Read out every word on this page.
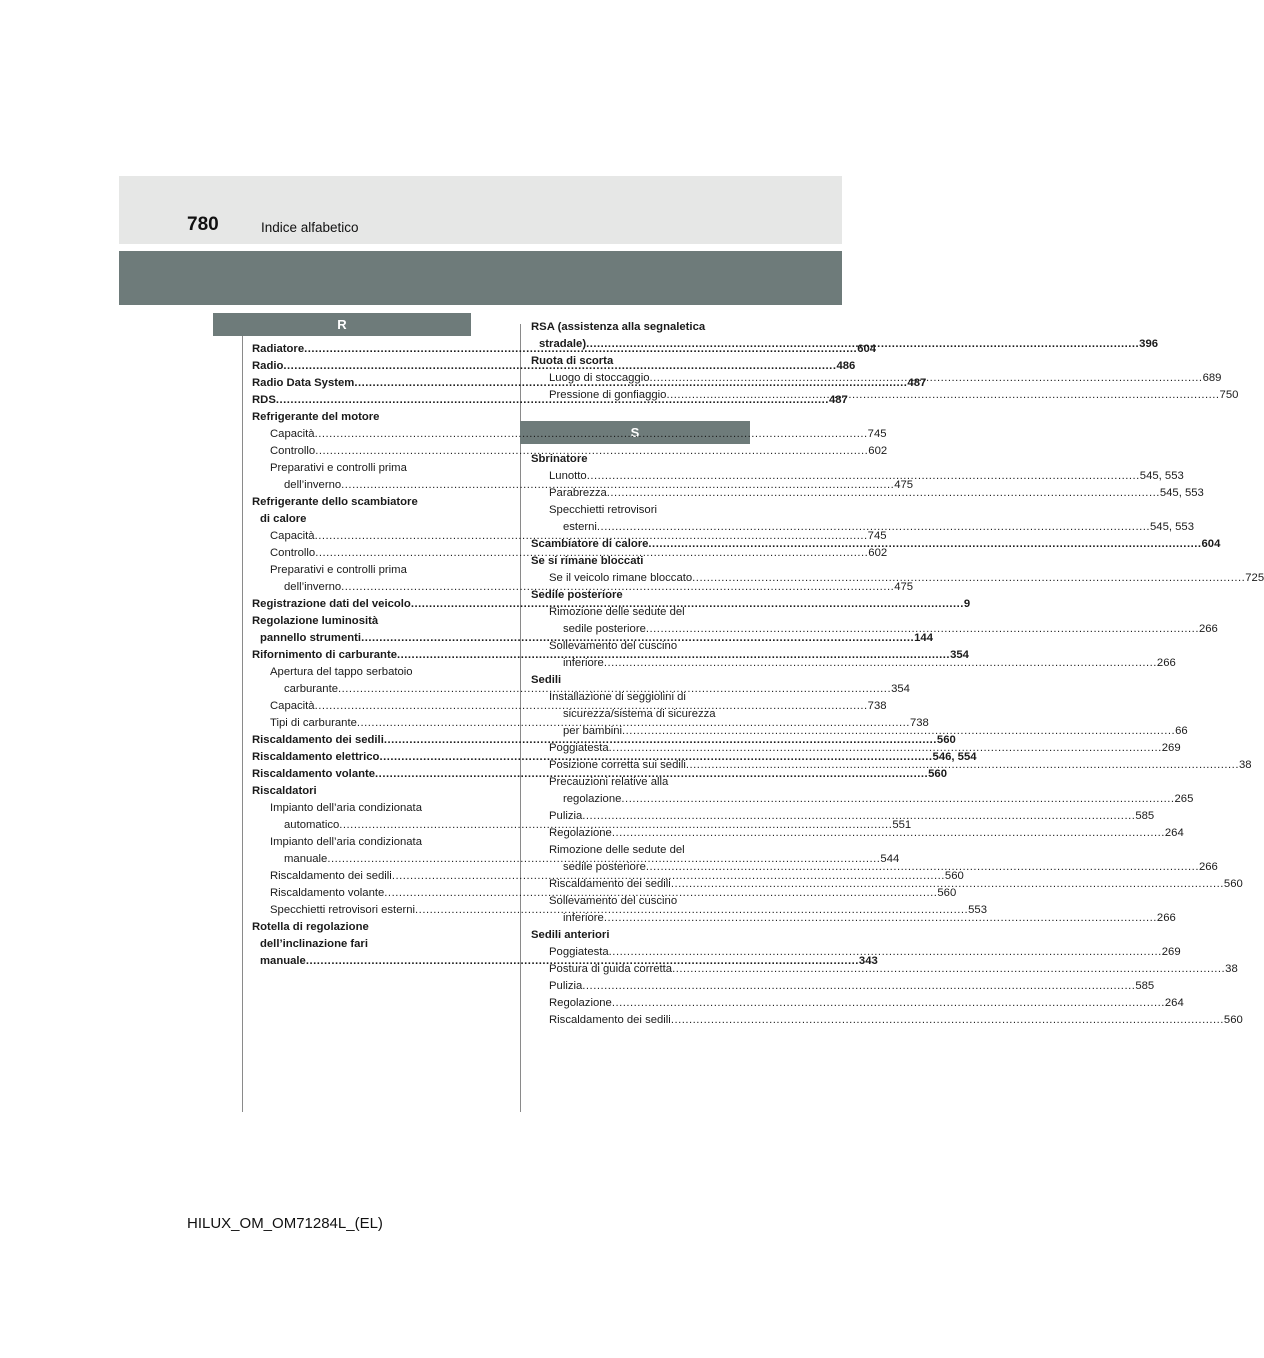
780	Indice alfabetico
R
S
Radiatore .....	604
Radio .....	486
Radio Data System .....	487
RDS .....	487
Refrigerante del motore
Capacità .....	745
Controllo .....	602
Preparativi e controlli prima
dell’inverno .....	475
Refrigerante dello scambiatore
di calore
Capacità .....	745
Controllo .....	602
Preparativi e controlli prima
dell’inverno .....	475
Registrazione dati del veicolo .....	9
Regolazione luminosità
pannello strumenti .....	144
Rifornimento di carburante .....	354
Apertura del tappo serbatoio
carburante .....	354
Capacità .....	738
Tipi di carburante .....	738
Riscaldamento dei sedili .....	560
Riscaldamento elettrico .....	546, 554
Riscaldamento volante .....	560
Riscaldatori
Impianto dell’aria condizionata
automatico .....	551
Impianto dell’aria condizionata
manuale .....	544
Riscaldamento dei sedili .....	560
Riscaldamento volante .....	560
Specchietti retrovisori esterni .....	553
Rotella di regolazione
dell’inclinazione fari
manuale .....	343
RSA (assistenza alla segnaletica
stradale) .....	396
Ruota di scorta
Luogo di stoccaggio .....	689
Pressione di gonfiaggio .....	750
Sbrinatore
Lunotto .....	545, 553
Parabrezza .....	545, 553
Specchietti retrovisori
esterni .....	545, 553
Scambiatore di calore .....	604
Se si rimane bloccati
Se il veicolo rimane bloccato .....	725
Sedile posteriore
Rimozione delle sedute del
sedile posteriore .....	266
Sollevamento del cuscino
inferiore .....	266
Sedili
Installazione di seggiolini di
sicurezza/sistema di sicurezza
per bambini .....	66
Poggiatesta .....	269
Posizione corretta sui sedili .....	38
Precauzioni relative alla
regolazione .....	265
Pulizia .....	585
Regolazione .....	264
Rimozione delle sedute del
sedile posteriore .....	266
Riscaldamento dei sedili .....	560
Sollevamento del cuscino
inferiore .....	266
Sedili anteriori
Poggiatesta .....	269
Postura di guida corretta .....	38
Pulizia .....	585
Regolazione .....	264
Riscaldamento dei sedili .....	560
HILUX_OM_OM71284L_(EL)
